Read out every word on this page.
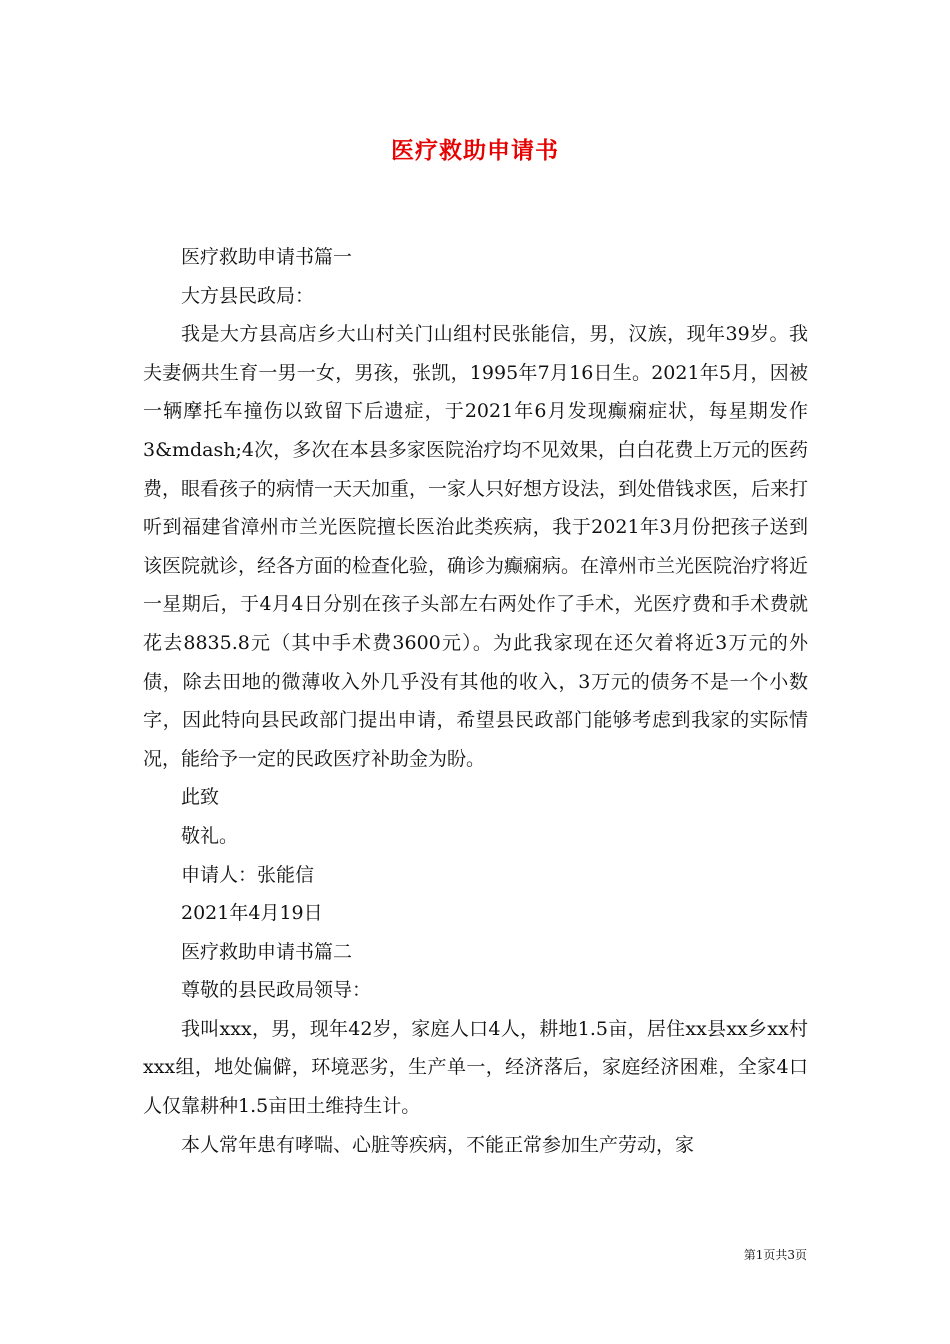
医疗救助申请书

医疗救助申请书篇一

大方县民政局：

我是大方县高店乡大山村关门山组村民张能信，男，汉族，现年39岁。我夫妻俩共生育一男一女，男孩，张凯，1995年7月16日生。2021年5月，因被一辆摩托车撞伤以致留下后遗症，于2021年6月发现癫痫症状，每星期发作3&mdash;4次，多次在本县多家医院治疗均不见效果，白白花费上万元的医药费，眼看孩子的病情一天天加重，一家人只好想方设法，到处借钱求医，后来打听到福建省漳州市兰光医院擅长医治此类疾病，我于2021年3月份把孩子送到该医院就诊，经各方面的检查化验，确诊为癫痫病。在漳州市兰光医院治疗将近一星期后，于4月4日分别在孩子头部左右两处作了手术，光医疗费和手术费就花去8835.8元（其中手术费3600元）。为此我家现在还欠着将近3万元的外债，除去田地的微薄收入外几乎没有其他的收入，3万元的债务不是一个小数字，因此特向县民政部门提出申请，希望县民政部门能够考虑到我家的实际情况，能给予一定的民政医疗补助金为盼。

此致

敬礼。

申请人：张能信

2021年4月19日

医疗救助申请书篇二

尊敬的县民政局领导：

我叫xxx，男，现年42岁，家庭人口4人，耕地1.5亩，居住xx县xx乡xx村xxx组，地处偏僻，环境恶劣，生产单一，经济落后，家庭经济困难，全家4口人仅靠耕种1.5亩田土维持生计。

本人常年患有哮喘、心脏等疾病，不能正常参加生产劳动，家

第1页共3页
